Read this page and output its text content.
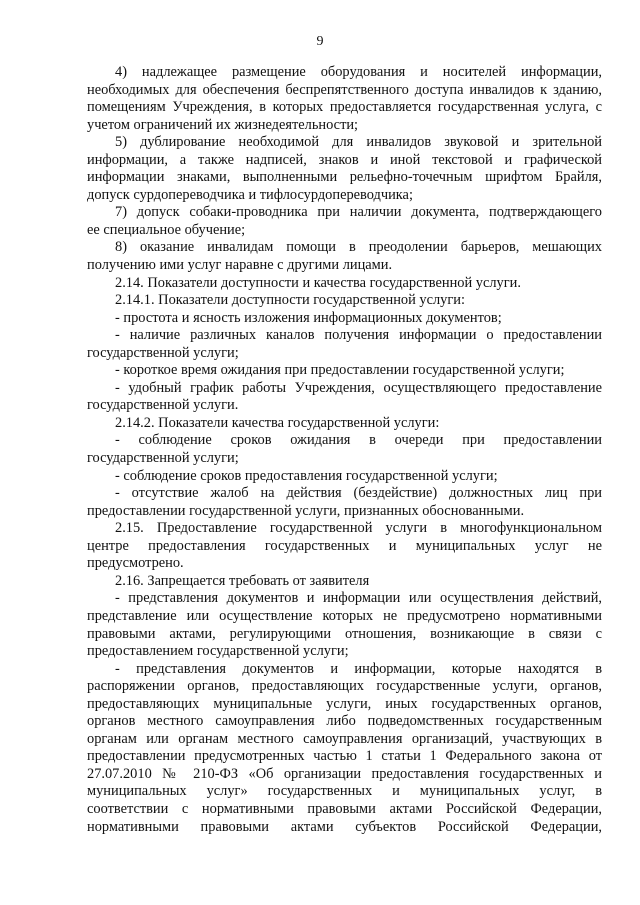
9
4) надлежащее размещение оборудования и носителей информации,
необходимых для обеспечения беспрепятственного доступа инвалидов к зданию,
помещениям Учреждения, в которых предоставляется государственная услуга, с
учетом ограничений их жизнедеятельности;
5) дублирование необходимой для инвалидов звуковой и зрительной
информации, а также надписей, знаков и иной текстовой и графической
информации знаками, выполненными рельефно-точечным шрифтом Брайля,
допуск сурдопереводчика и тифлосурдопереводчика;
7) допуск собаки-проводника при наличии документа, подтверждающего
ее специальное обучение;
8) оказание инвалидам помощи в преодолении барьеров, мешающих
получению ими услуг наравне с другими лицами.
2.14. Показатели доступности и качества государственной услуги.
2.14.1. Показатели доступности государственной услуги:
- простота и ясность изложения информационных документов;
- наличие различных каналов получения информации о предоставлении
государственной услуги;
- короткое время ожидания при предоставлении государственной услуги;
- удобный график работы Учреждения, осуществляющего предоставление
государственной услуги.
2.14.2. Показатели качества государственной услуги:
- соблюдение сроков ожидания в очереди при предоставлении
государственной услуги;
- соблюдение сроков предоставления государственной услуги;
- отсутствие жалоб на действия (бездействие) должностных лиц при
предоставлении государственной услуги, признанных обоснованными.
2.15. Предоставление государственной услуги в многофункциональном
центре предоставления государственных и муниципальных услуг не
предусмотрено.
2.16. Запрещается требовать от заявителя
- представления документов и информации или осуществления действий,
представление или осуществление которых не предусмотрено нормативными
правовыми актами, регулирующими отношения, возникающие в связи с
предоставлением государственной услуги;
- представления документов и информации, которые находятся в
распоряжении органов, предоставляющих государственные услуги, органов,
предоставляющих муниципальные услуги, иных государственных органов,
органов местного самоуправления либо подведомственных государственным
органам или органам местного самоуправления организаций, участвующих в
предоставлении предусмотренных частью 1 статьи 1 Федерального закона от
27.07.2010 № 210-ФЗ «Об организации предоставления государственных и
муниципальных услуг» государственных и муниципальных услуг, в
соответствии с нормативными правовыми актами Российской Федерации,
нормативными правовыми актами субъектов Российской Федерации,
